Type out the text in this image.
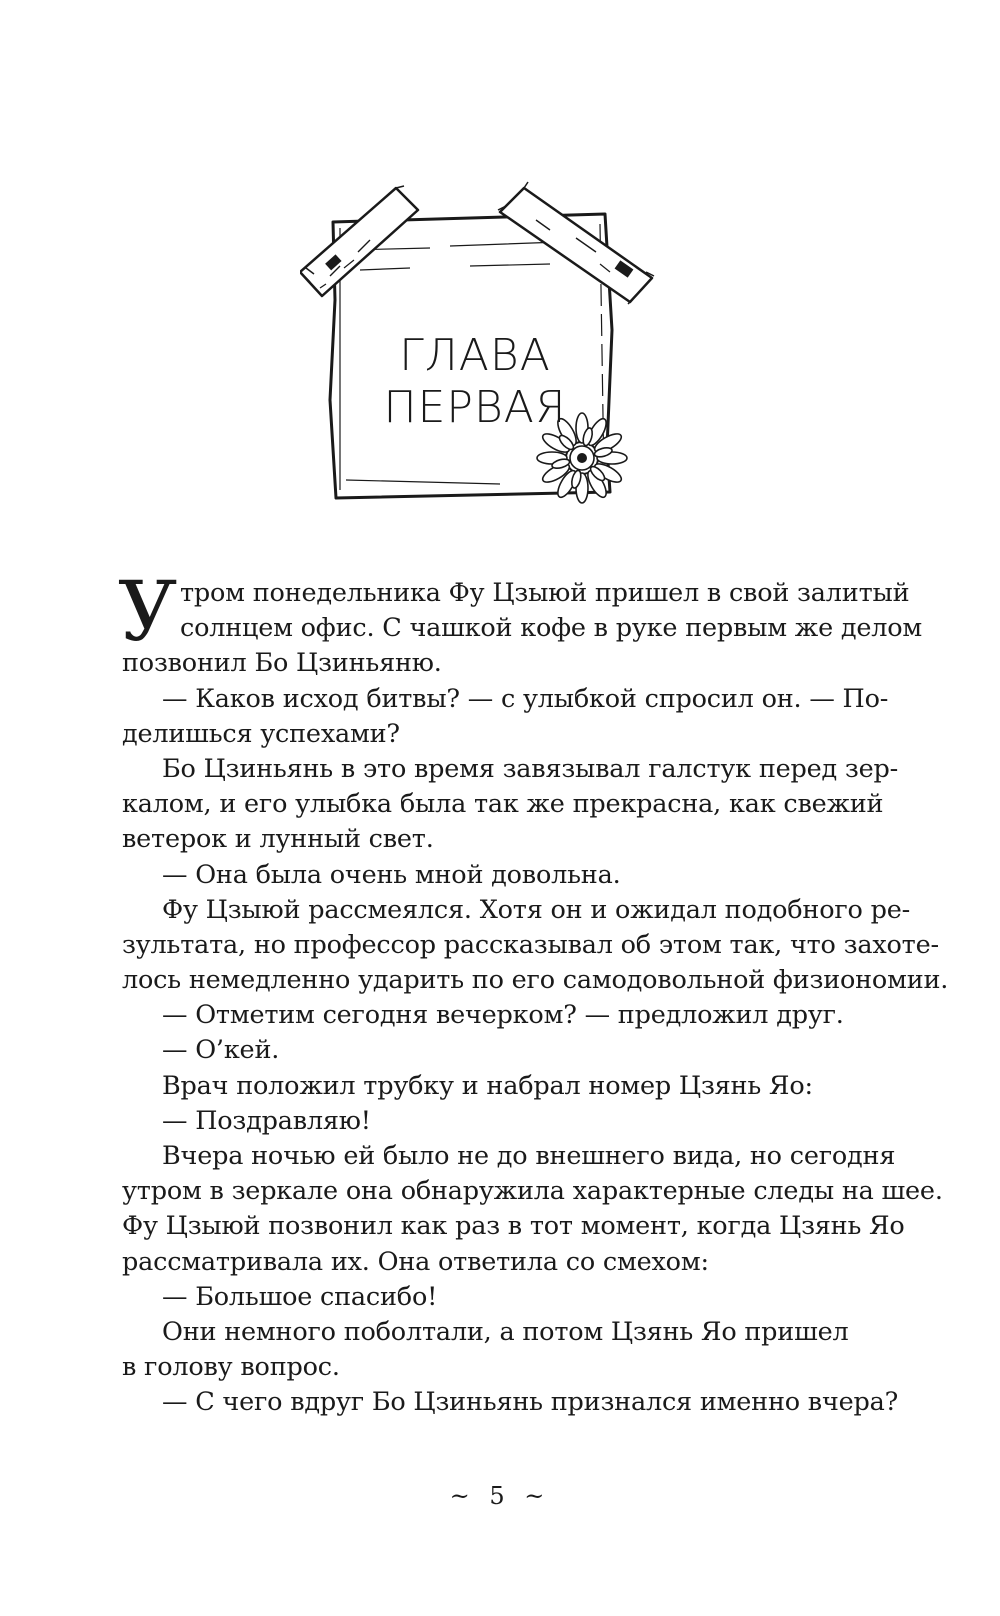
ГЛАВА
ПЕРВАЯ
У тром понедельника Фу Цзыюй пришел в свой залитый
солнцем офис. С чашкой кофе в руке первым же делом
позвонил Бо Цзиньяню.
— Каков исход битвы? — с улыбкой спросил он. — По-
делишься успехами?
Бо Цзиньянь в это время завязывал галстук перед зер-
калом, и его улыбка была так же прекрасна, как свежий
ветерок и лунный свет.
— Она была очень мной довольна.
Фу Цзыюй рассмеялся. Хотя он и ожидал подобного ре-
зультата, но профессор рассказывал об этом так, что захоте-
лось немедленно ударить по его самодовольной физиономии.
— Отметим сегодня вечерком? — предложил друг.
— О’кей.
Врач положил трубку и набрал номер Цзянь Яо:
— Поздравляю!
Вчера ночью ей было не до внешнего вида, но сегодня
утром в зеркале она обнаружила характерные следы на шее.
Фу Цзыюй позвонил как раз в тот момент, когда Цзянь Яо
рассматривала их. Она ответила со смехом:
— Большое спасибо!
Они немного поболтали, а потом Цзянь Яо пришел
в голову вопрос.
— С чего вдруг Бо Цзиньянь признался именно вчера?
~ 5 ~
